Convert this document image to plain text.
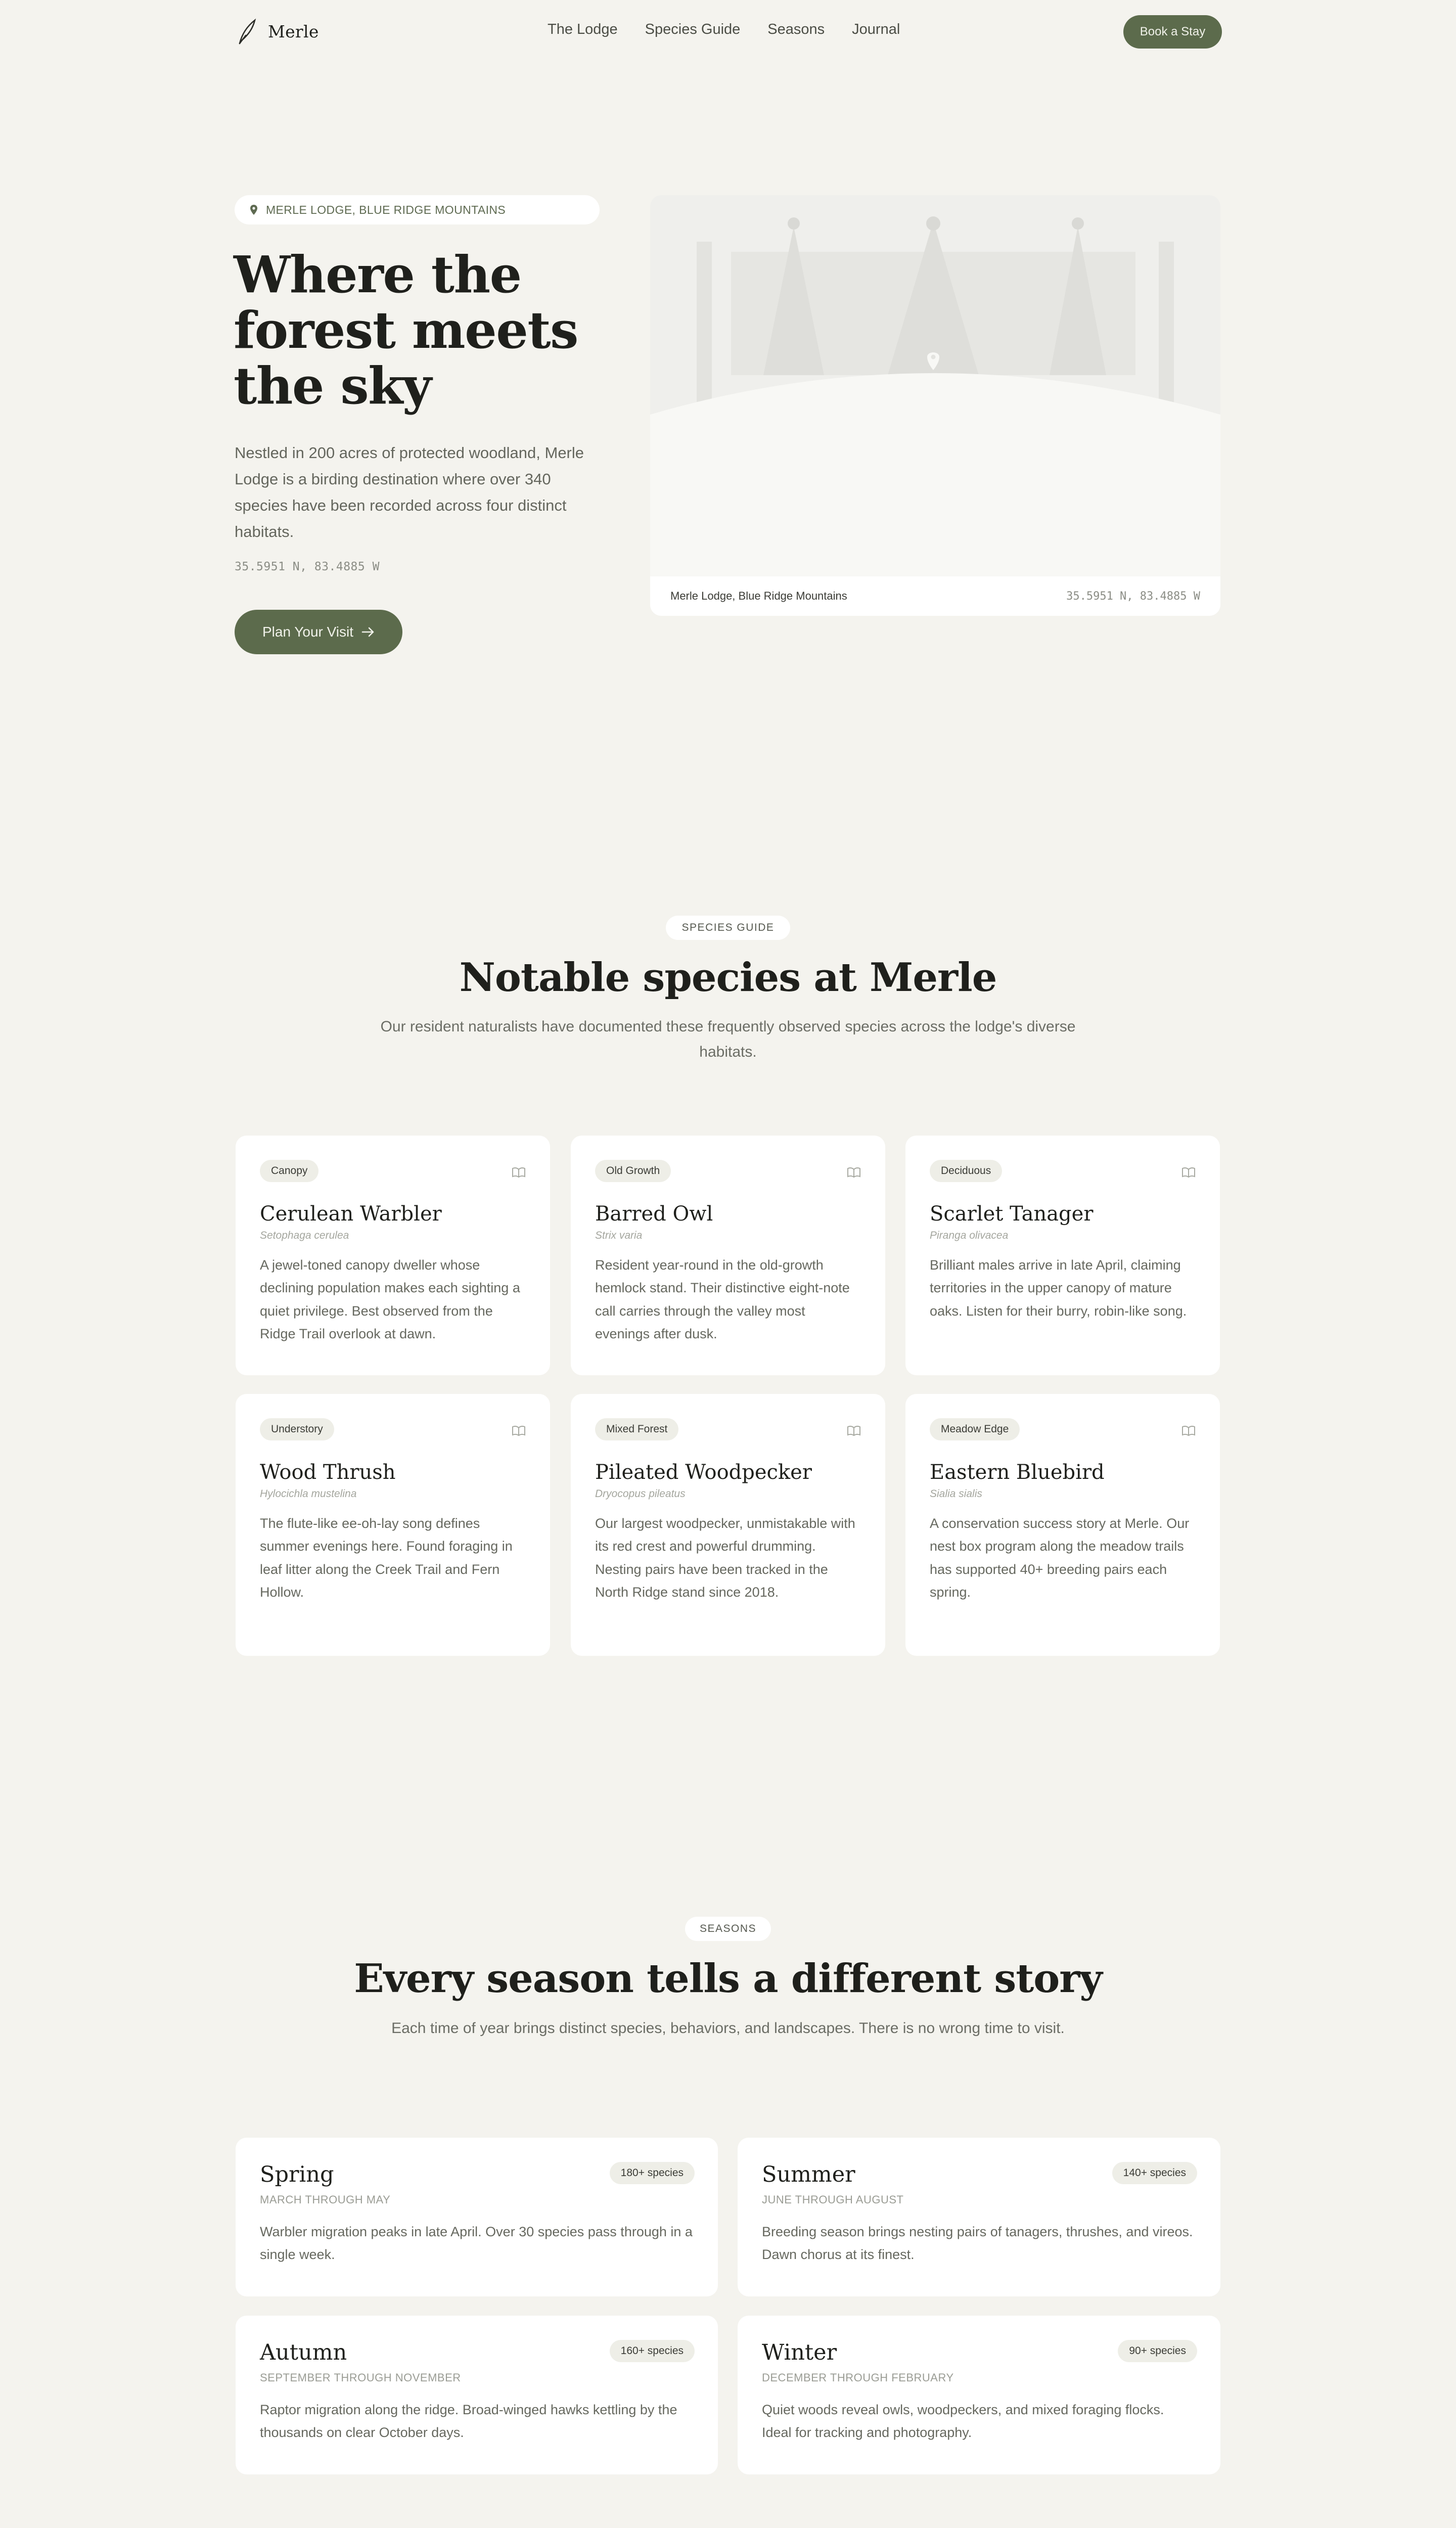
Merle	The Lodge Species Guide Seasons Journal	Book a Stay
MERLE LODGE, BLUE RIDGE MOUNTAINS
Where the forest meets the sky

Nestled in 200 acres of protected woodland, Merle Lodge is a birding destination where over 340 species have been recorded across four distinct habitats.

35.5951 N, 83.4885 W
Plan Your Visit
Merle Lodge, Blue Ridge Mountains	35.5951 N, 83.4885 W
SPECIES GUIDE
Notable species at Merle

Our resident naturalists have documented these frequently observed species across the lodge's diverse habitats.

Canopy
Cerulean Warbler
Setophaga cerulea

A jewel-toned canopy dweller whose declining population makes each sighting a quiet privilege. Best observed from the Ridge Trail overlook at dawn.

Old Growth
Barred Owl
Strix varia

Resident year-round in the old-growth hemlock stand. Their distinctive eight-note call carries through the valley most evenings after dusk.

Deciduous
Scarlet Tanager
Piranga olivacea

Brilliant males arrive in late April, claiming territories in the upper canopy of mature oaks. Listen for their burry, robin-like song.

Understory
Wood Thrush
Hylocichla mustelina

The flute-like ee-oh-lay song defines summer evenings here. Found foraging in leaf litter along the Creek Trail and Fern Hollow.

Mixed Forest
Pileated Woodpecker
Dryocopus pileatus

Our largest woodpecker, unmistakable with its red crest and powerful drumming. Nesting pairs have been tracked in the North Ridge stand since 2018.

Meadow Edge
Eastern Bluebird
Sialia sialis

A conservation success story at Merle. Our nest box program along the meadow trails has supported 40+ breeding pairs each spring.

SEASONS
Every season tells a different story

Each time of year brings distinct species, behaviors, and landscapes. There is no wrong time to visit.

Spring	180+ species
MARCH THROUGH MAY

Warbler migration peaks in late April. Over 30 species pass through in a single week.

Summer	140+ species
JUNE THROUGH AUGUST

Breeding season brings nesting pairs of tanagers, thrushes, and vireos. Dawn chorus at its finest.

Autumn	160+ species
SEPTEMBER THROUGH NOVEMBER

Raptor migration along the ridge. Broad-winged hawks kettling by the thousands on clear October days.

Winter	90+ species
DECEMBER THROUGH FEBRUARY

Quiet woods reveal owls, woodpeckers, and mixed foraging flocks. Ideal for tracking and photography.
